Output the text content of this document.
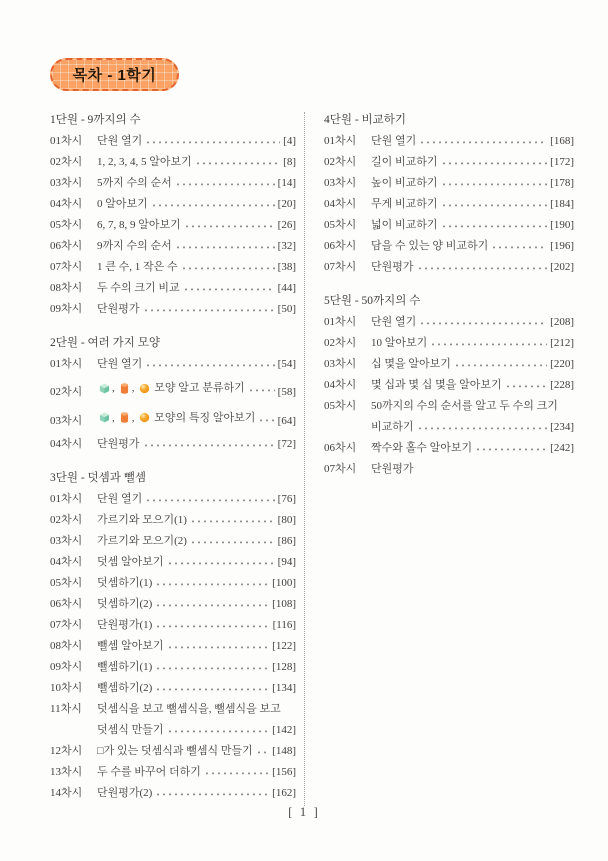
목차 - 1학기
1단원 - 9까지의 수
01차시	단원 열기	[4]
02차시	1, 2, 3, 4, 5 알아보기	[8]
03차시	5까지 수의 순서	[14]
04차시	0 알아보기	[20]
05차시	6, 7, 8, 9 알아보기	[26]
06차시	9까지 수의 순서	[32]
07차시	1 큰 수, 1 작은 수	[38]
08차시	두 수의 크기 비교	[44]
09차시	단원평가	[50]
2단원 - 여러 가지 모양
01차시	단원 열기	[54]
02차시	, , 모양 알고 분류하기	[58]
03차시	, , 모양의 특징 알아보기 [64]
04차시	단원평가	[72]
3단원 - 덧셈과 뺄셈
01차시	단원 열기	[76]
02차시	가르기와 모으기(1)	[80]
03차시	가르기와 모으기(2)	[86]
04차시	덧셈 알아보기	[94]
05차시	덧셈하기(1)	[100]
06차시	덧셈하기(2)	[108]
07차시	단원평가(1)	[116]
08차시	뺄셈 알아보기	[122]
09차시	뺄셈하기(1)	[128]
10차시	뺄셈하기(2)	[134]
11차시	덧셈식을 보고 뺄셈식을, 뺄셈식을 보고
덧셈식 만들기	[142]
12차시	□가 있는 덧셈식과 뺄셈식 만들기 [148]
13차시	두 수를 바꾸어 더하기	[156]
14차시	단원평가(2)	[162]
4단원 - 비교하기
01차시	단원 열기	[168]
02차시	길이 비교하기	[172]
03차시	높이 비교하기	[178]
04차시	무게 비교하기	[184]
05차시	넓이 비교하기	[190]
06차시	담을 수 있는 양 비교하기	[196]
07차시	단원평가	[202]
5단원 - 50까지의 수
01차시	단원 열기	[208]
02차시	10 알아보기	[212]
03차시	십 몇을 알아보기	[220]
04차시	몇 십과 몇 십 몇을 알아보기	[228]
05차시	50까지의 수의 순서를 알고 두 수의 크기
비교하기	[234]
06차시	짝수와 홀수 알아보기	[242]
07차시	단원평가
[ 1 ]
